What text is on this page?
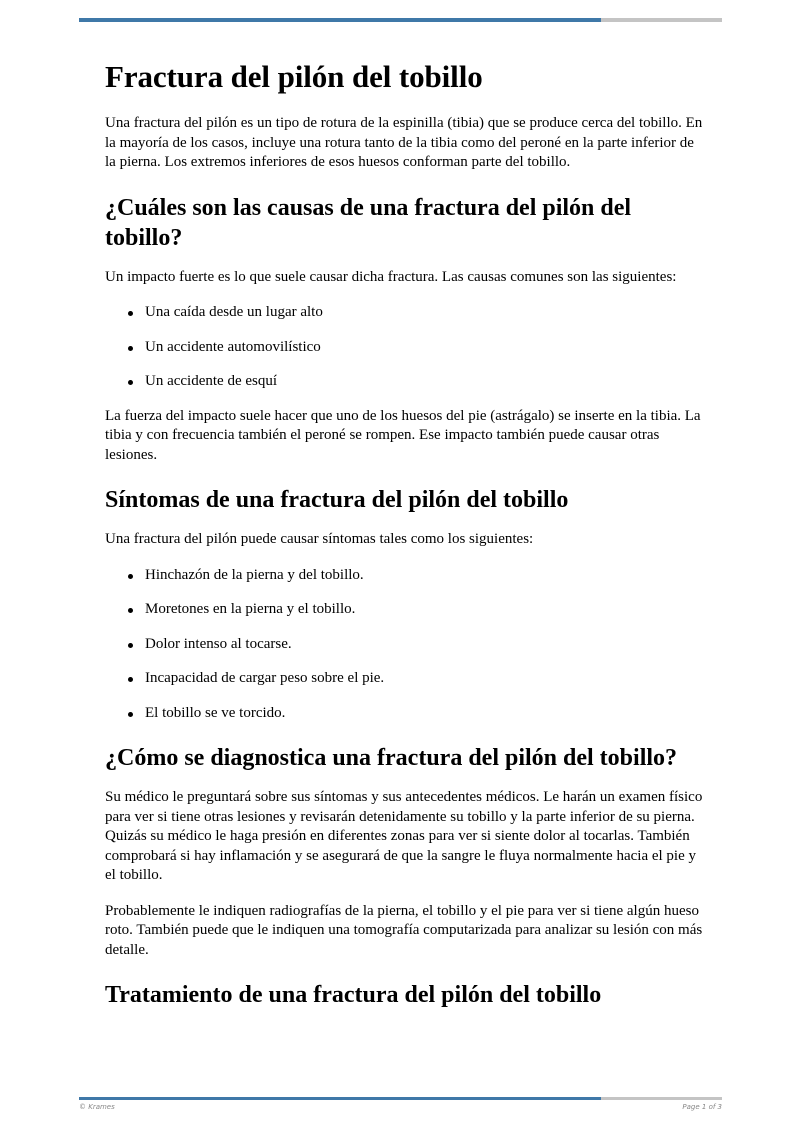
Fractura del pilón del tobillo

Una fractura del pilón es un tipo de rotura de la espinilla (tibia) que se produce cerca del tobillo. En la mayoría de los casos, incluye una rotura tanto de la tibia como del peroné en la parte inferior de la pierna. Los extremos inferiores de esos huesos conforman parte del tobillo.

¿Cuáles son las causas de una fractura del pilón del tobillo?

Un impacto fuerte es lo que suele causar dicha fractura. Las causas comunes son las siguientes:

Una caída desde un lugar alto
Un accidente automovilístico
Un accidente de esquí

La fuerza del impacto suele hacer que uno de los huesos del pie (astrágalo) se inserte en la tibia. La tibia y con frecuencia también el peroné se rompen. Ese impacto también puede causar otras lesiones.

Síntomas de una fractura del pilón del tobillo

Una fractura del pilón puede causar síntomas tales como los siguientes:

Hinchazón de la pierna y del tobillo.
Moretones en la pierna y el tobillo.
Dolor intenso al tocarse.
Incapacidad de cargar peso sobre el pie.
El tobillo se ve torcido.
¿Cómo se diagnostica una fractura del pilón del tobillo?

Su médico le preguntará sobre sus síntomas y sus antecedentes médicos. Le harán un examen físico para ver si tiene otras lesiones y revisarán detenidamente su tobillo y la parte inferior de su pierna. Quizás su médico le haga presión en diferentes zonas para ver si siente dolor al tocarlas. También comprobará si hay inflamación y se asegurará de que la sangre le fluya normalmente hacia el pie y el tobillo.

Probablemente le indiquen radiografías de la pierna, el tobillo y el pie para ver si tiene algún hueso roto. También puede que le indiquen una tomografía computarizada para analizar su lesión con más detalle.

Tratamiento de una fractura del pilón del tobillo
© Krames	Page 1 of 3
